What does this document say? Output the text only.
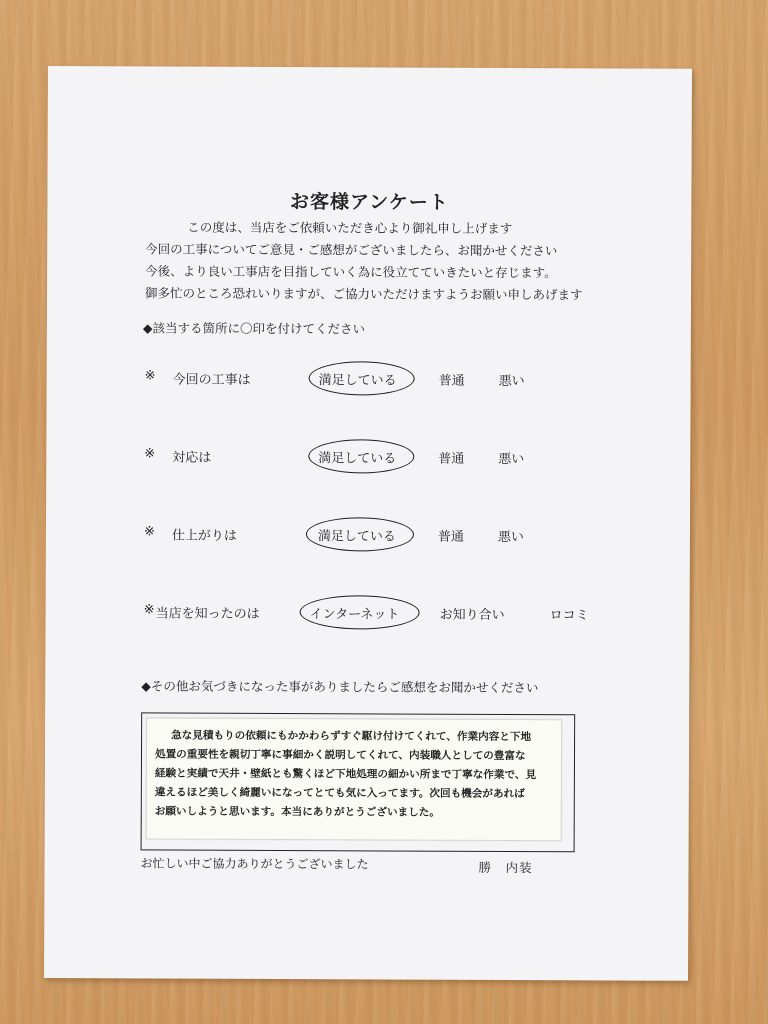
お客様アンケート

この度は、当店をご依頼いただき心より御礼申し上げます

今回の工事についてご意見・ご感想がございましたら、お聞かせください

今後、より良い工事店を目指していく為に役立てていきたいと存じます。

御多忙のところ恐れいりますが、ご協力いただけますようお願い申しあげます

◆該当する箇所に〇印を付けてください
※ 今回の工事は	満足している	普通	悪い
※ 対応は	満足している	普通	悪い
※ 仕上がりは	満足している	普通	悪い
※ 当店を知ったのは	インターネット	お知り合い	ロコミ
◆その他お気づきになった事がありましたらご感想をお聞かせください

急な見積もりの依頼にもかかわらずすぐ駆け付けてくれて、作業内容と下地

処置の重要性を親切丁寧に事細かく説明してくれて、内装職人としての豊富な

経験と実績で天井・壁紙とも驚くほど下地処理の細かい所まで丁寧な作業で、見

違えるほど美しく綺麗いになってとても気に入ってます。次回も機会があれば

お願いしようと思います。本当にありがとうございました。

お忙しい中ご協力ありがとうございました	勝　内装
